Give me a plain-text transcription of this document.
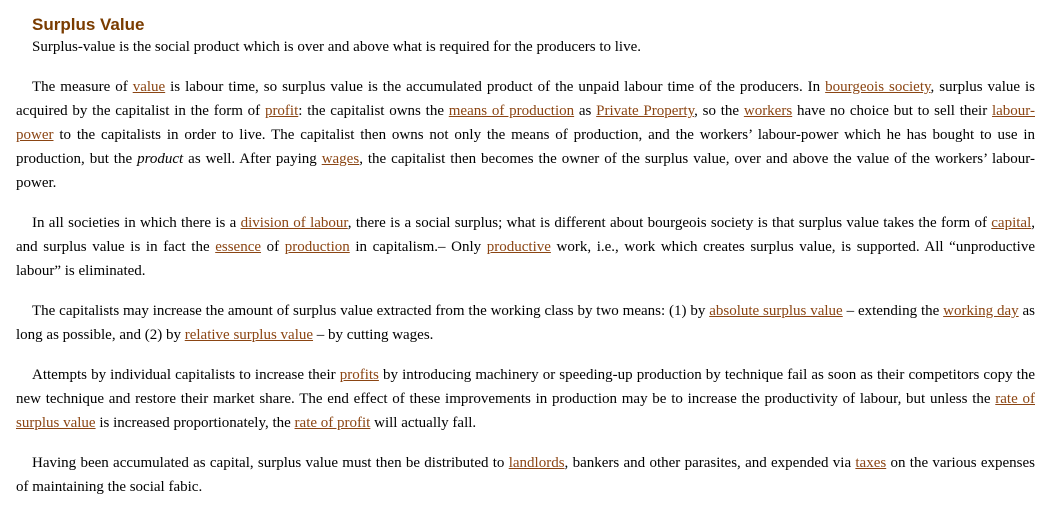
Surplus Value

Surplus-value is the social product which is over and above what is required for the producers to live.

The measure of value is labour time, so surplus value is the accumulated product of the unpaid labour time of the producers. In bourgeois society, surplus value is acquired by the capitalist in the form of profit: the capitalist owns the means of production as Private Property, so the workers have no choice but to sell their labour-power to the capitalists in order to live. The capitalist then owns not only the means of production, and the workers’ labour-power which he has bought to use in production, but the product as well. After paying wages, the capitalist then becomes the owner of the surplus value, over and above the value of the workers’ labour-power.

In all societies in which there is a division of labour, there is a social surplus; what is different about bourgeois society is that surplus value takes the form of capital, and surplus value is in fact the essence of production in capitalism.– Only productive work, i.e., work which creates surplus value, is supported. All “unproductive labour” is eliminated.

The capitalists may increase the amount of surplus value extracted from the working class by two means: (1) by absolute surplus value – extending the working day as long as possible, and (2) by relative surplus value – by cutting wages.

Attempts by individual capitalists to increase their profits by introducing machinery or speeding-up production by technique fail as soon as their competitors copy the new technique and restore their market share. The end effect of these improvements in production may be to increase the productivity of labour, but unless the rate of surplus value is increased proportionately, the rate of profit will actually fall.

Having been accumulated as capital, surplus value must then be distributed to landlords, bankers and other parasites, and expended via taxes on the various expenses of maintaining the social fabic.
